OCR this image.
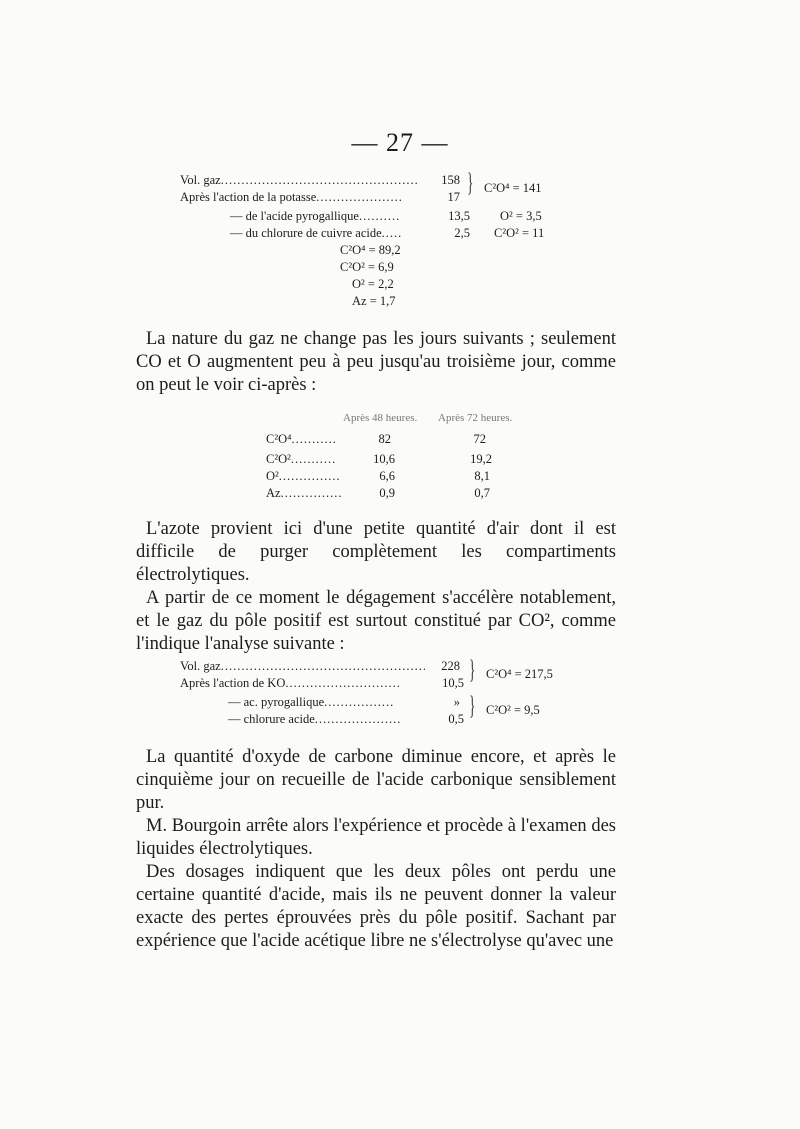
— 27 —
Vol. gaz .....	158
Après l'action de la potasse .....	17 } C²O⁴ = 141
— de l'acide pyrogallique .....	13,5 O² = 3,5
— du chlorure de cuivre acide .....	2,5 C²O² = 11
C²O⁴ = 89,2
C²O² = 6,9
O² = 2,2
Az = 1,7

La nature du gaz ne change pas les jours suivants ; seulement CO et O augmentent peu à peu jusqu'au troisième jour, comme on peut le voir ci-après :

Après 48 heures. Après 72 heures.
C²O⁴ .....	82	72
C²O² .....	10,6	19,2
O² .....	6,6	8,1
Az .....	0,9	0,7

L'azote provient ici d'une petite quantité d'air dont il est difficile de purger complètement les compartiments électrolytiques.

A partir de ce moment le dégagement s'accélère notablement, et le gaz du pôle positif est surtout constitué par CO², comme l'indique l'analyse suivante :

Vol. gaz .....	228
Après l'action de KO .....	10,5 } C²O⁴ = 217,5
— ac. pyrogallique .....	»
— chlorure acide .....	0,5 } C²O² = 9,5

La quantité d'oxyde de carbone diminue encore, et après le cinquième jour on recueille de l'acide carbonique sensiblement pur.

M. Bourgoin arrête alors l'expérience et procède à l'examen des liquides électrolytiques.

Des dosages indiquent que les deux pôles ont perdu une certaine quantité d'acide, mais ils ne peuvent donner la valeur exacte des pertes éprouvées près du pôle positif. Sachant par expérience que l'acide acétique libre ne s'électrolyse qu'avec une
